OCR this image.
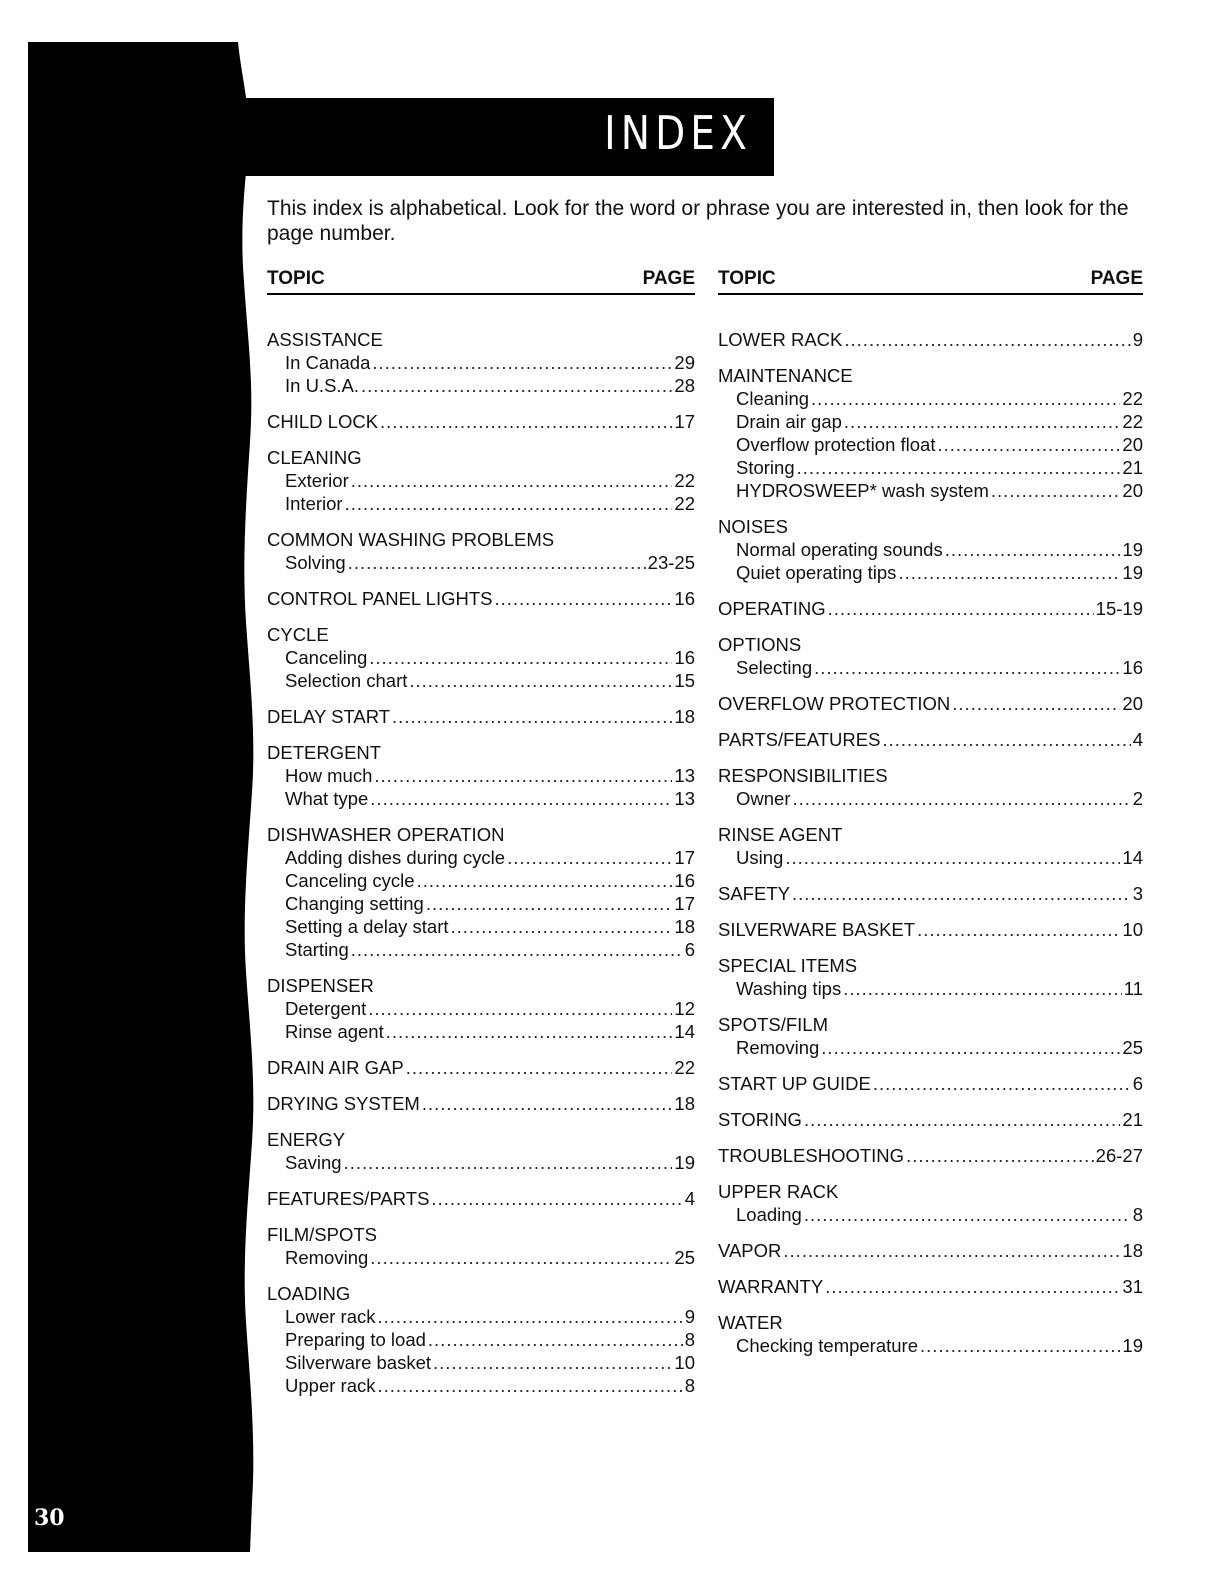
30
INDEX
This index is alphabetical. Look for the word or phrase you are interested in, then look for the page number.
TOPIC	PAGE
ASSISTANCE
In Canada .....	29
In U.S.A. .....	28
CHILD LOCK .....	17
CLEANING
Exterior .....	22
Interior .....	22
COMMON WASHING PROBLEMS
Solving .....	23-25
CONTROL PANEL LIGHTS .....	16
CYCLE
Canceling .....	16
Selection chart .....	15
DELAY START .....	18
DETERGENT
How much .....	13
What type .....	13
DISHWASHER OPERATION
Adding dishes during cycle .....	17
Canceling cycle .....	16
Changing setting .....	17
Setting a delay start .....	18
Starting .....	6
DISPENSER
Detergent .....	12
Rinse agent .....	14
DRAIN AIR GAP .....	22
DRYING SYSTEM .....	18
ENERGY
Saving .....	19
FEATURES/PARTS .....	4
FILM/SPOTS
Removing .....	25
LOADING
Lower rack .....	9
Preparing to load .....	8
Silverware basket .....	10
Upper rack .....	8
TOPIC	PAGE
LOWER RACK .....	9
MAINTENANCE
Cleaning .....	22
Drain air gap .....	22
Overflow protection float .....	20
Storing .....	21
HYDROSWEEP* wash system .....	20
NOISES
Normal operating sounds .....	19
Quiet operating tips .....	19
OPERATING .....	15-19
OPTIONS
Selecting .....	16
OVERFLOW PROTECTION .....	20
PARTS/FEATURES .....	4
RESPONSIBILITIES
Owner .....	2
RINSE AGENT
Using .....	14
SAFETY .....	3
SILVERWARE BASKET .....	10
SPECIAL ITEMS
Washing tips .....	11
SPOTS/FILM
Removing .....	25
START UP GUIDE .....	6
STORING .....	21
TROUBLESHOOTING .....	26-27
UPPER RACK
Loading .....	8
VAPOR .....	18
WARRANTY .....	31
WATER
Checking temperature .....	19
